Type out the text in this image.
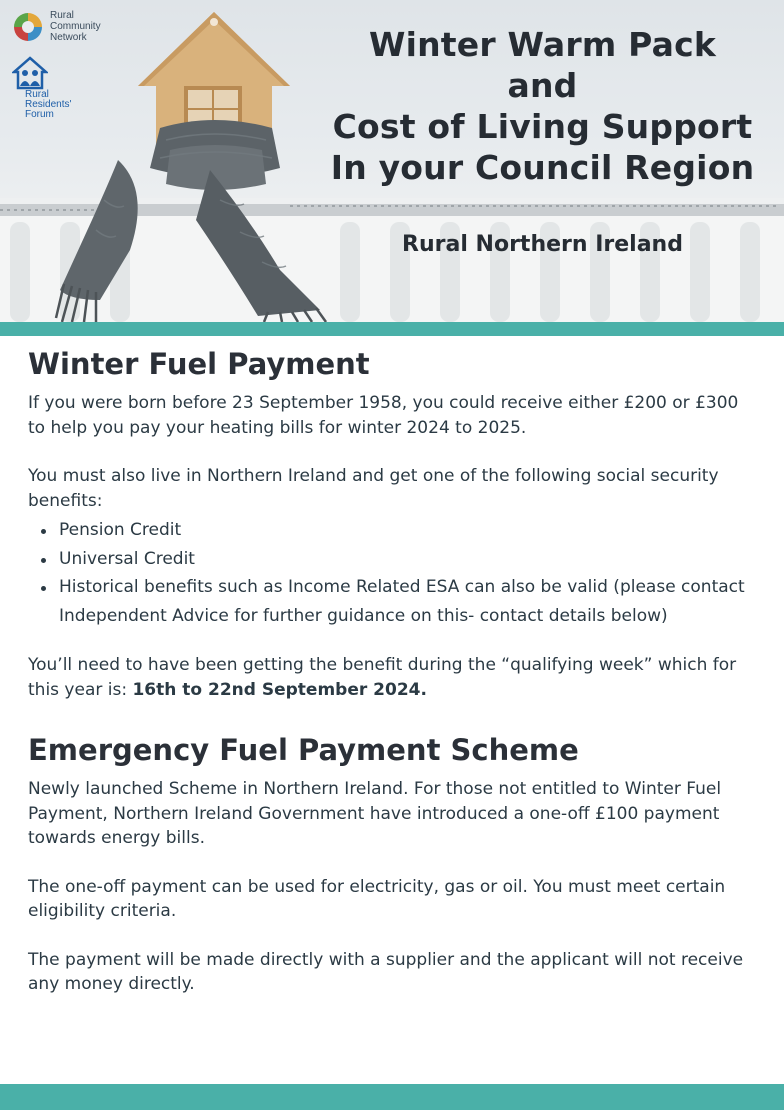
Rural
Community
Network
Rural
Residents'
Forum
Winter Warm Pack
and
Cost of Living Support
In your Council Region
Rural Northern Ireland
Winter Fuel Payment

If you were born before 23 September 1958, you could receive either £200 or £300 to help you pay your heating bills for winter 2024 to 2025.

You must also live in Northern Ireland and get one of the following social security benefits:

Pension Credit
Universal Credit
Historical benefits such as Income Related ESA can also be valid (please contact Independent Advice for further guidance on this- contact details below)

You’ll need to have been getting the benefit during the “qualifying week” which for this year is: 16th to 22nd September 2024.

Emergency Fuel Payment Scheme

Newly launched Scheme in Northern Ireland. For those not entitled to Winter Fuel Payment, Northern Ireland Government have introduced a one-off £100 payment towards energy bills.

The one-off payment can be used for electricity, gas or oil. You must meet certain eligibility criteria.

The payment will be made directly with a supplier and the applicant will not receive any money directly.
